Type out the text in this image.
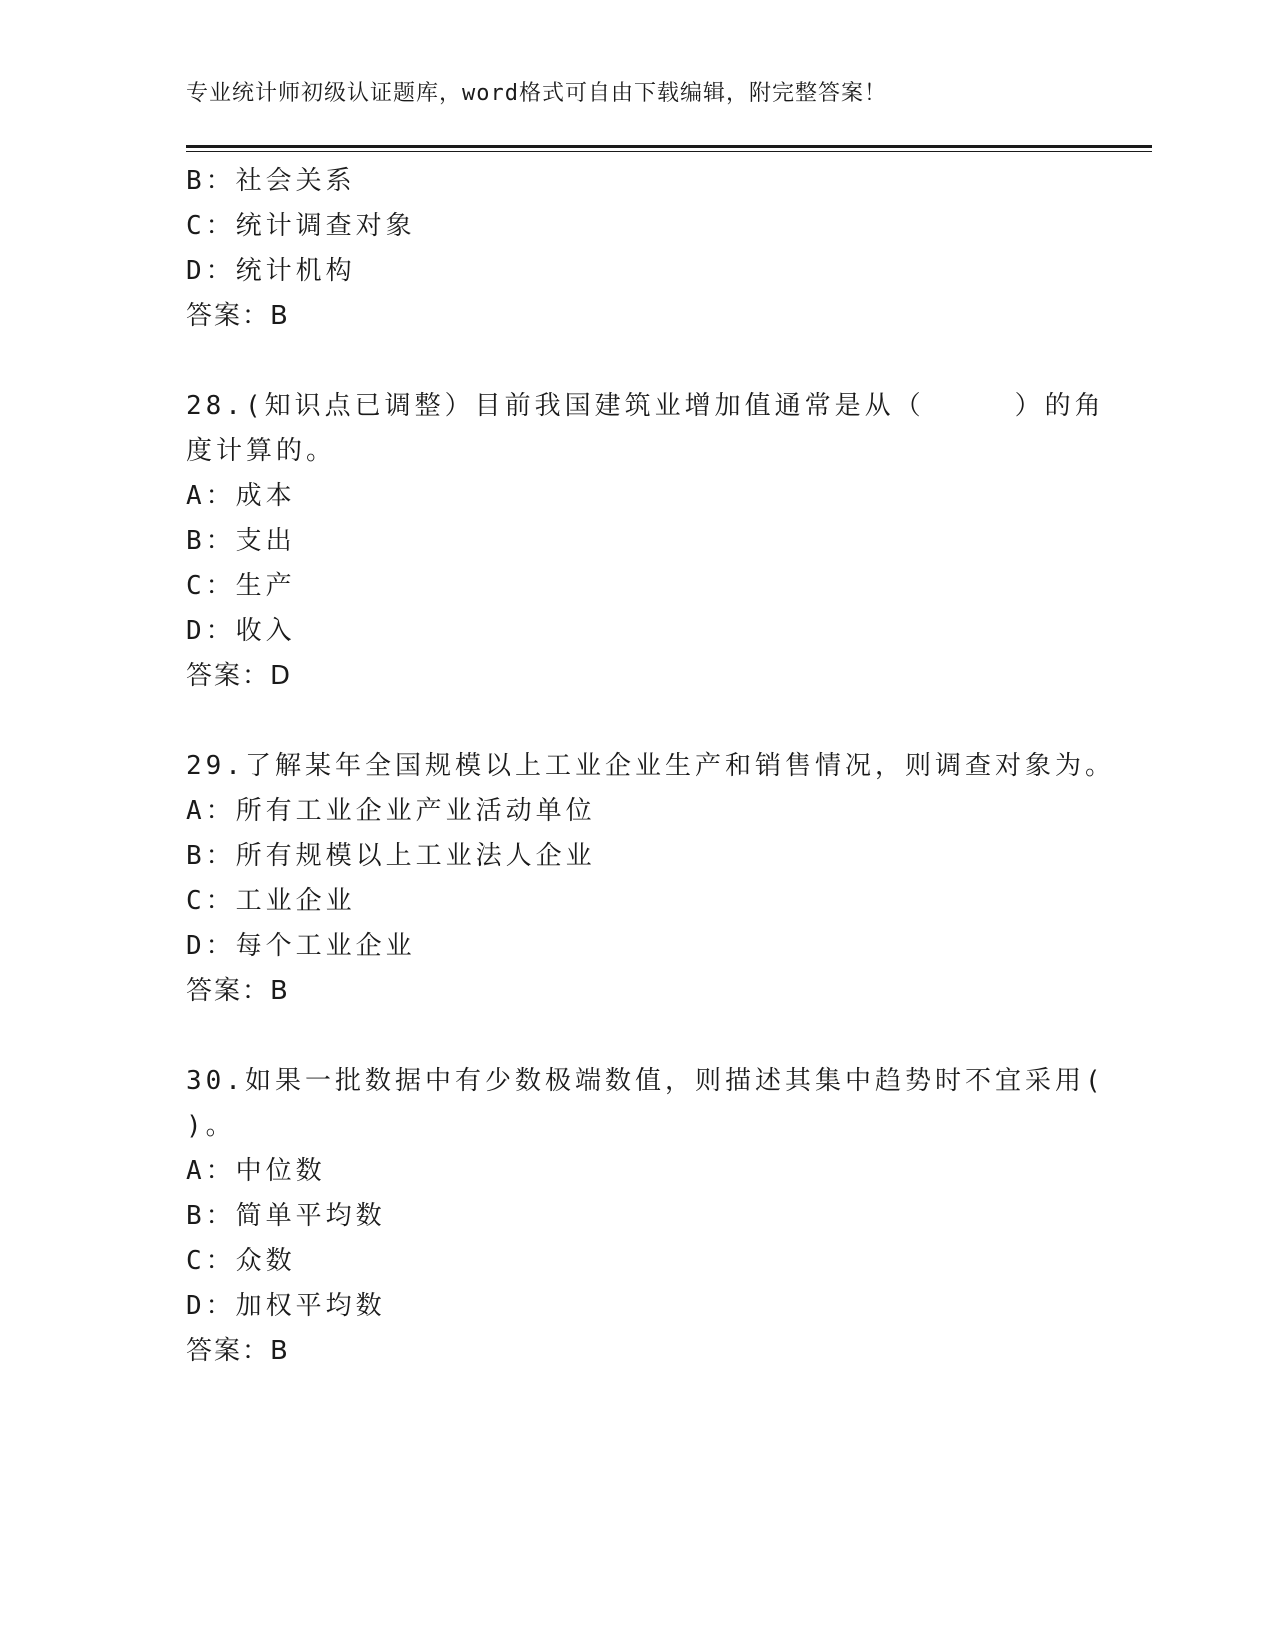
专业统计师初级认证题库，word格式可自由下载编辑，附完整答案！
B：社会关系
C：统计调查对象
D：统计机构
答案：B
28.(知识点已调整）目前我国建筑业增加值通常是从（　　　）的角
度计算的。
A：成本
B：支出
C：生产
D：收入
答案：D
29.了解某年全国规模以上工业企业生产和销售情况，则调查对象为。
A：所有工业企业产业活动单位
B：所有规模以上工业法人企业
C：工业企业
D：每个工业企业
答案：B
30.如果一批数据中有少数极端数值，则描述其集中趋势时不宜采用(
)。
A：中位数
B：简单平均数
C：众数
D：加权平均数
答案：B
